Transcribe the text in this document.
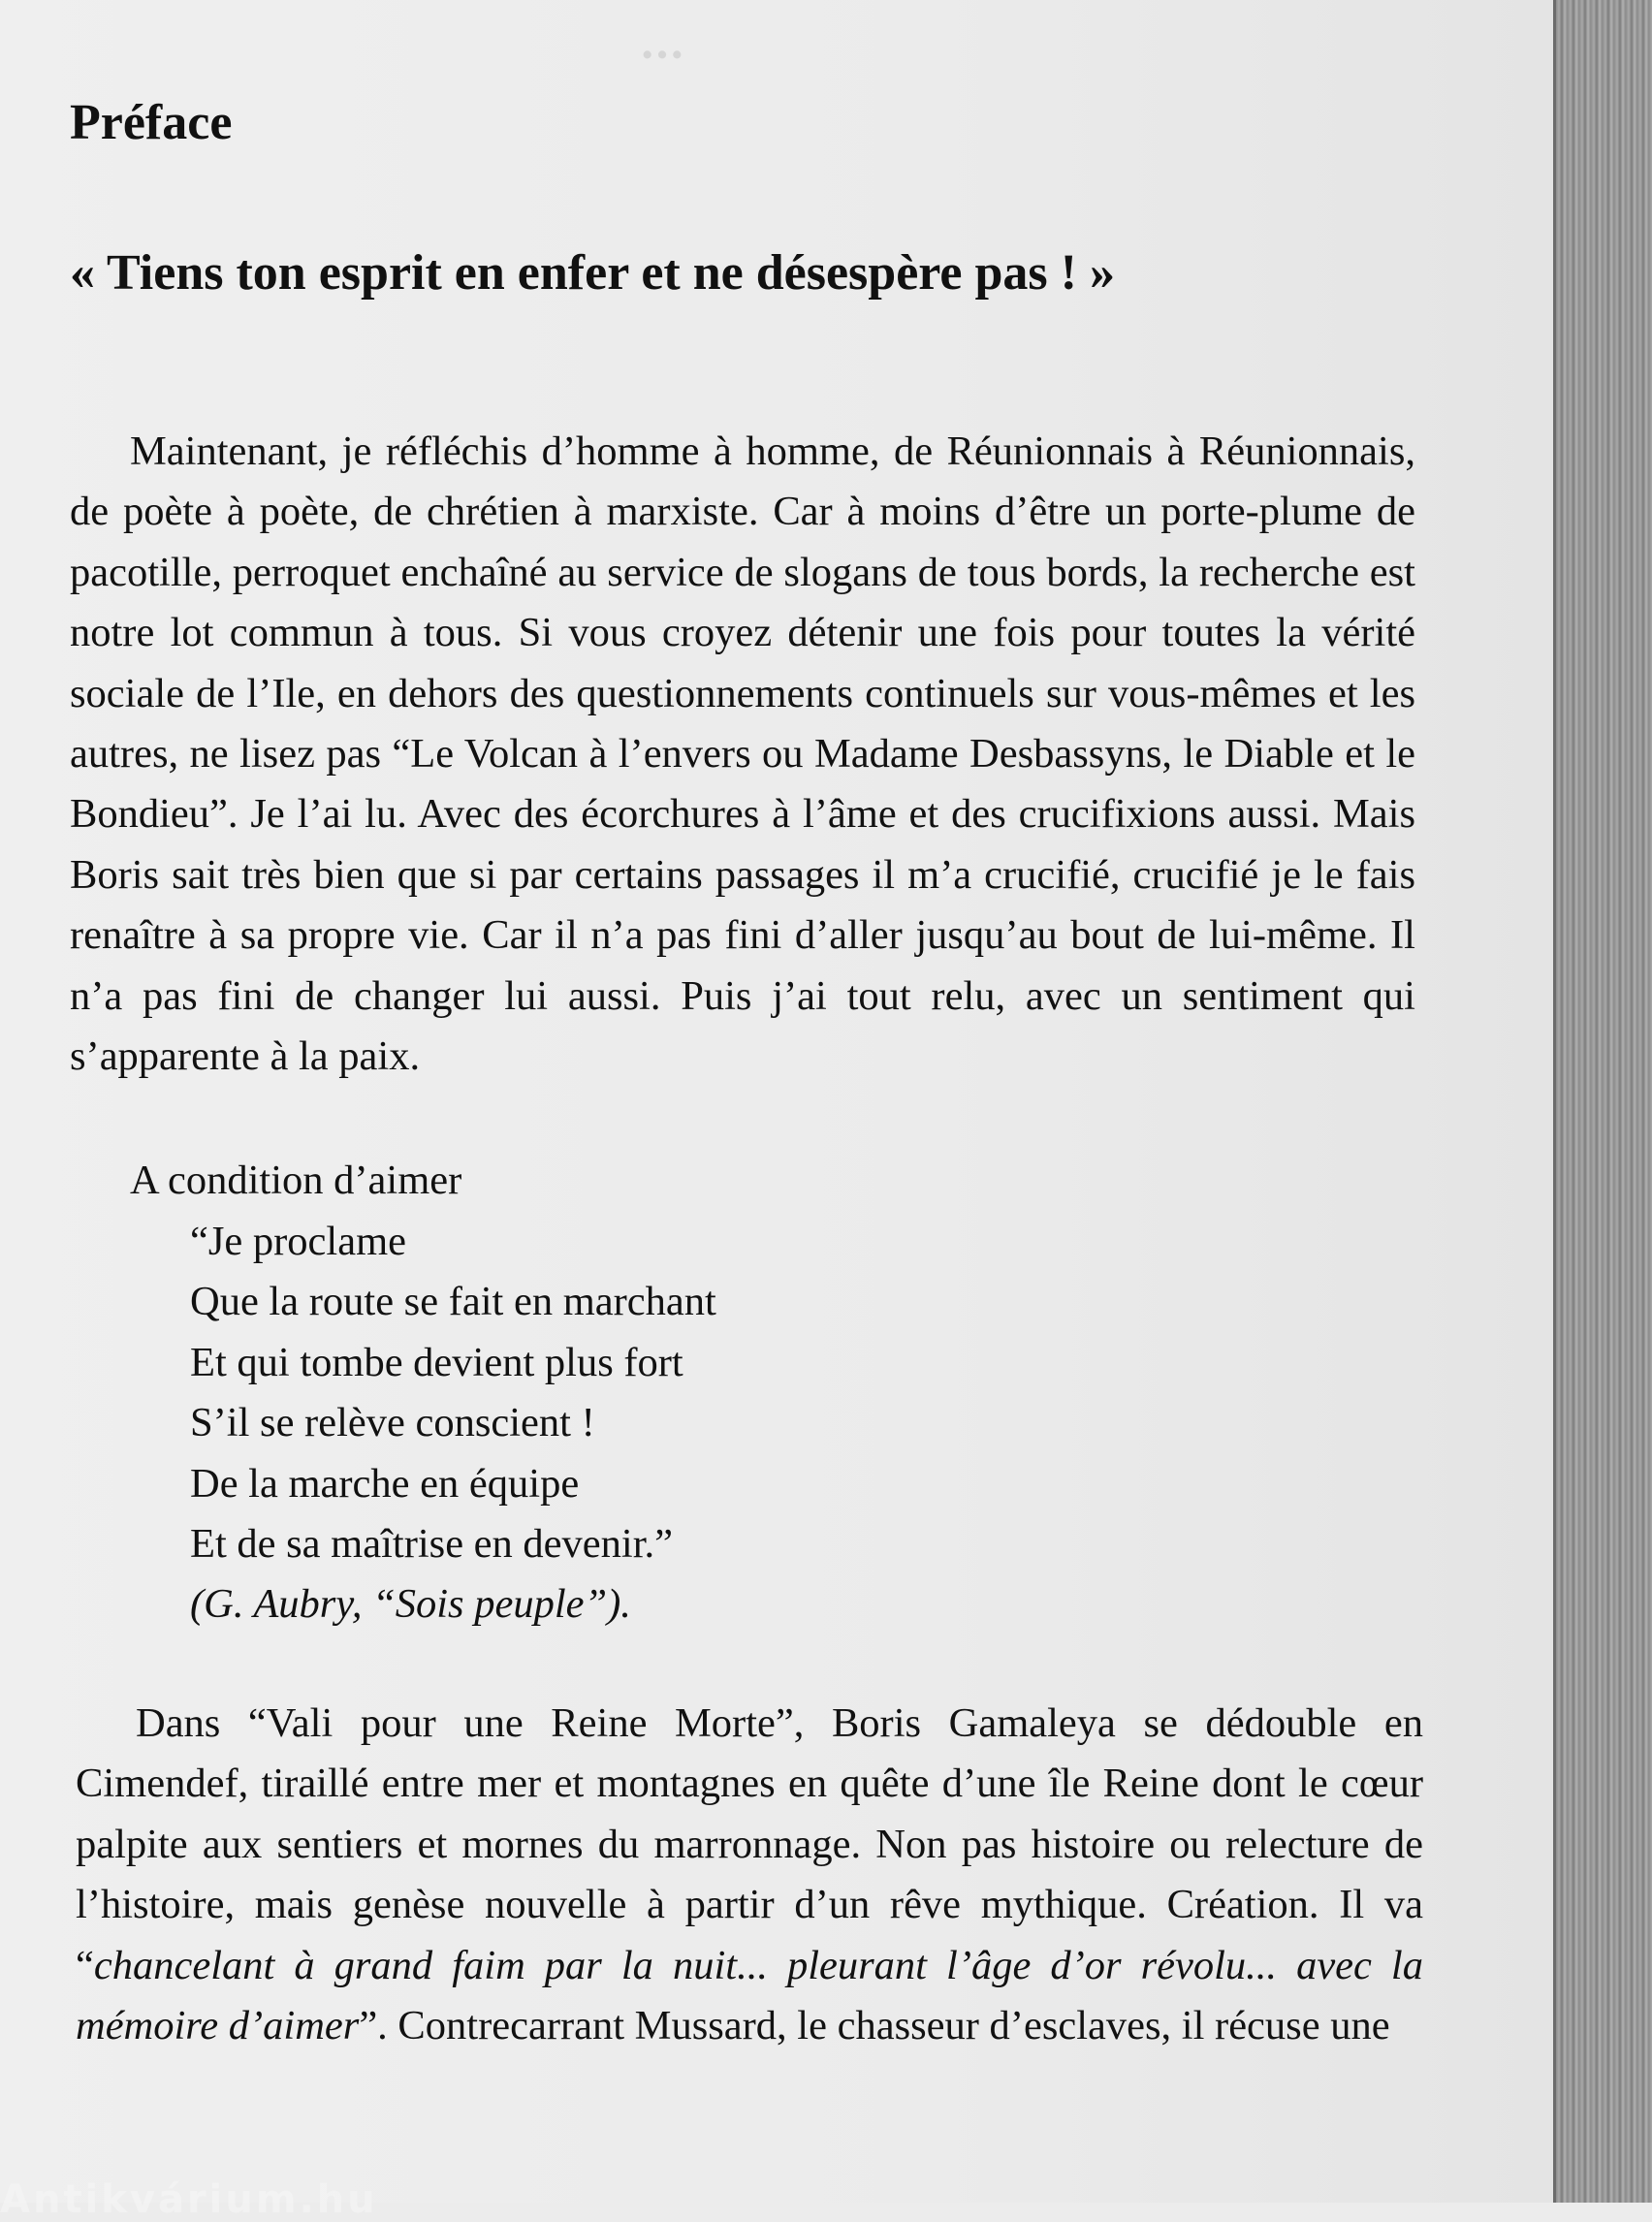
...
Préface
« Tiens ton esprit en enfer et ne désespère pas ! »

Maintenant, je réfléchis d’homme à homme, de Réunionnais à Réunionnais, de poète à poète, de chrétien à marxiste. Car à moins d’être un porte-plume de pacotille, perroquet enchaîné au service de slogans de tous bords, la recherche est notre lot commun à tous. Si vous croyez détenir une fois pour toutes la vérité sociale de l’Ile, en dehors des questionnements continuels sur vous-mêmes et les autres, ne lisez pas “Le Volcan à l’envers ou Madame Desbassyns, le Diable et le Bondieu”. Je l’ai lu. Avec des écorchures à l’âme et des crucifixions aussi. Mais Boris sait très bien que si par certains passages il m’a crucifié, crucifié je le fais renaître à sa propre vie. Car il n’a pas fini d’aller jusqu’au bout de lui-même. Il n’a pas fini de changer lui aussi. Puis j’ai tout relu, avec un sentiment qui s’apparente à la paix.

A condition d’aimer
“Je proclame
Que la route se fait en marchant
Et qui tombe devient plus fort
S’il se relève conscient !
De la marche en équipe
Et de sa maîtrise en devenir.”
(G. Aubry, “Sois peuple”).

Dans “Vali pour une Reine Morte”, Boris Gamaleya se dédouble en Cimendef, tiraillé entre mer et montagnes en quête d’une île Reine dont le cœur palpite aux sentiers et mornes du marronnage. Non pas histoire ou relecture de l’histoire, mais genèse nouvelle à partir d’un rêve mythique. Création. Il va “chancelant à grand faim par la nuit... pleurant l’âge d’or révolu... avec la mémoire d’aimer”. Contrecarrant Mussard, le chasseur d’esclaves, il récuse une

Antikvárium.hu
